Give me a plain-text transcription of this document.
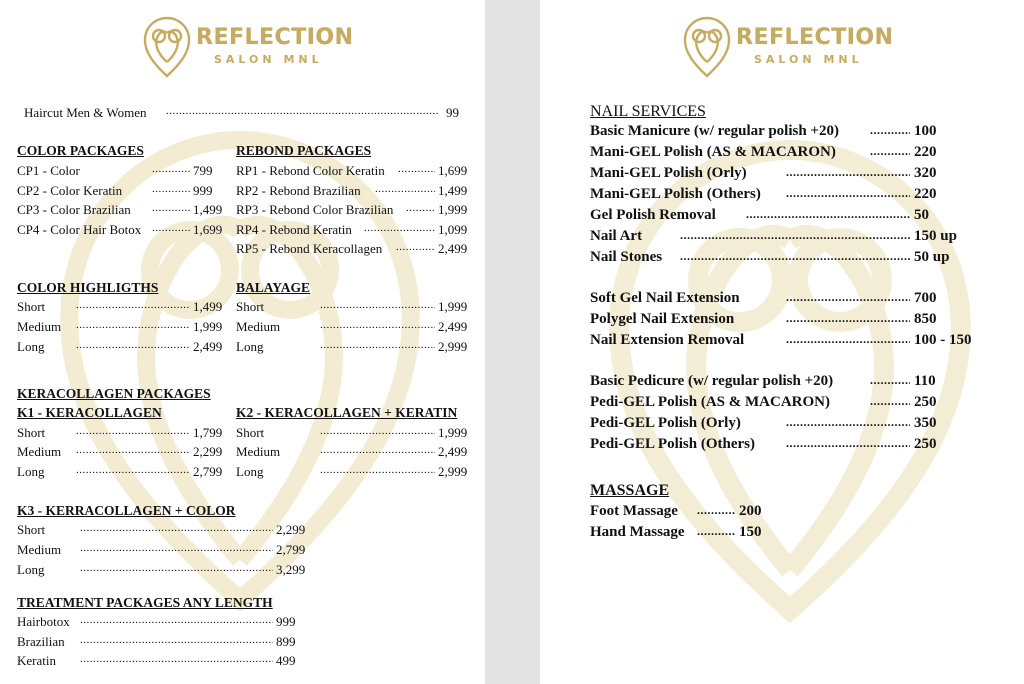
REFLECTION
SALON MNL
Haircut Men & Women .....	99
COLOR PACKAGES
CP1 - Color .....	799
CP2 - Color Keratin .....	999
CP3 - Color Brazilian .....	1,499
CP4 - Color Hair Botox .....	1,699
REBOND PACKAGES
RP1 - Rebond Color Keratin .....	1,699
RP2 - Rebond Brazilian .....	1,499
RP3 - Rebond Color Brazilian .....	1,999
RP4 - Rebond Keratin .....	1,099
RP5 - Rebond Keracollagen .....	2,499
COLOR HIGHLIGTHS
Short .....	1,499
Medium .....	1,999
Long .....	2,499
BALAYAGE
Short .....	1,999
Medium .....	2,499
Long .....	2,999
KERACOLLAGEN PACKAGES
K1 - KERACOLLAGEN
Short .....	1,799
Medium .....	2,299
Long .....	2,799
K2 - KERACOLLAGEN + KERATIN
Short .....	1,999
Medium .....	2,499
Long .....	2,999
K3 - KERRACOLLAGEN + COLOR
Short .....	2,299
Medium .....	2,799
Long .....	3,299
TREATMENT PACKAGES ANY LENGTH
Hairbotox .....	999
Brazilian .....	899
Keratin .....	499
REFLECTION
SALON MNL
NAIL SERVICES
Basic Manicure (w/ regular polish +20) .....	100
Mani-GEL Polish (AS & MACARON) .....	220
Mani-GEL Polish (Orly) .....	320
Mani-GEL Polish (Others) .....	220
Gel Polish Removal .....	50
Nail Art .....	150 up
Nail Stones .....	50 up
Soft Gel Nail Extension .....	700
Polygel Nail Extension .....	850
Nail Extension Removal .....	100 - 150
Basic Pedicure (w/ regular polish +20) .....	110
Pedi-GEL Polish (AS & MACARON) .....	250
Pedi-GEL Polish (Orly) .....	350
Pedi-GEL Polish (Others) .....	250
MASSAGE
Foot Massage .....	200
Hand Massage .....	150
